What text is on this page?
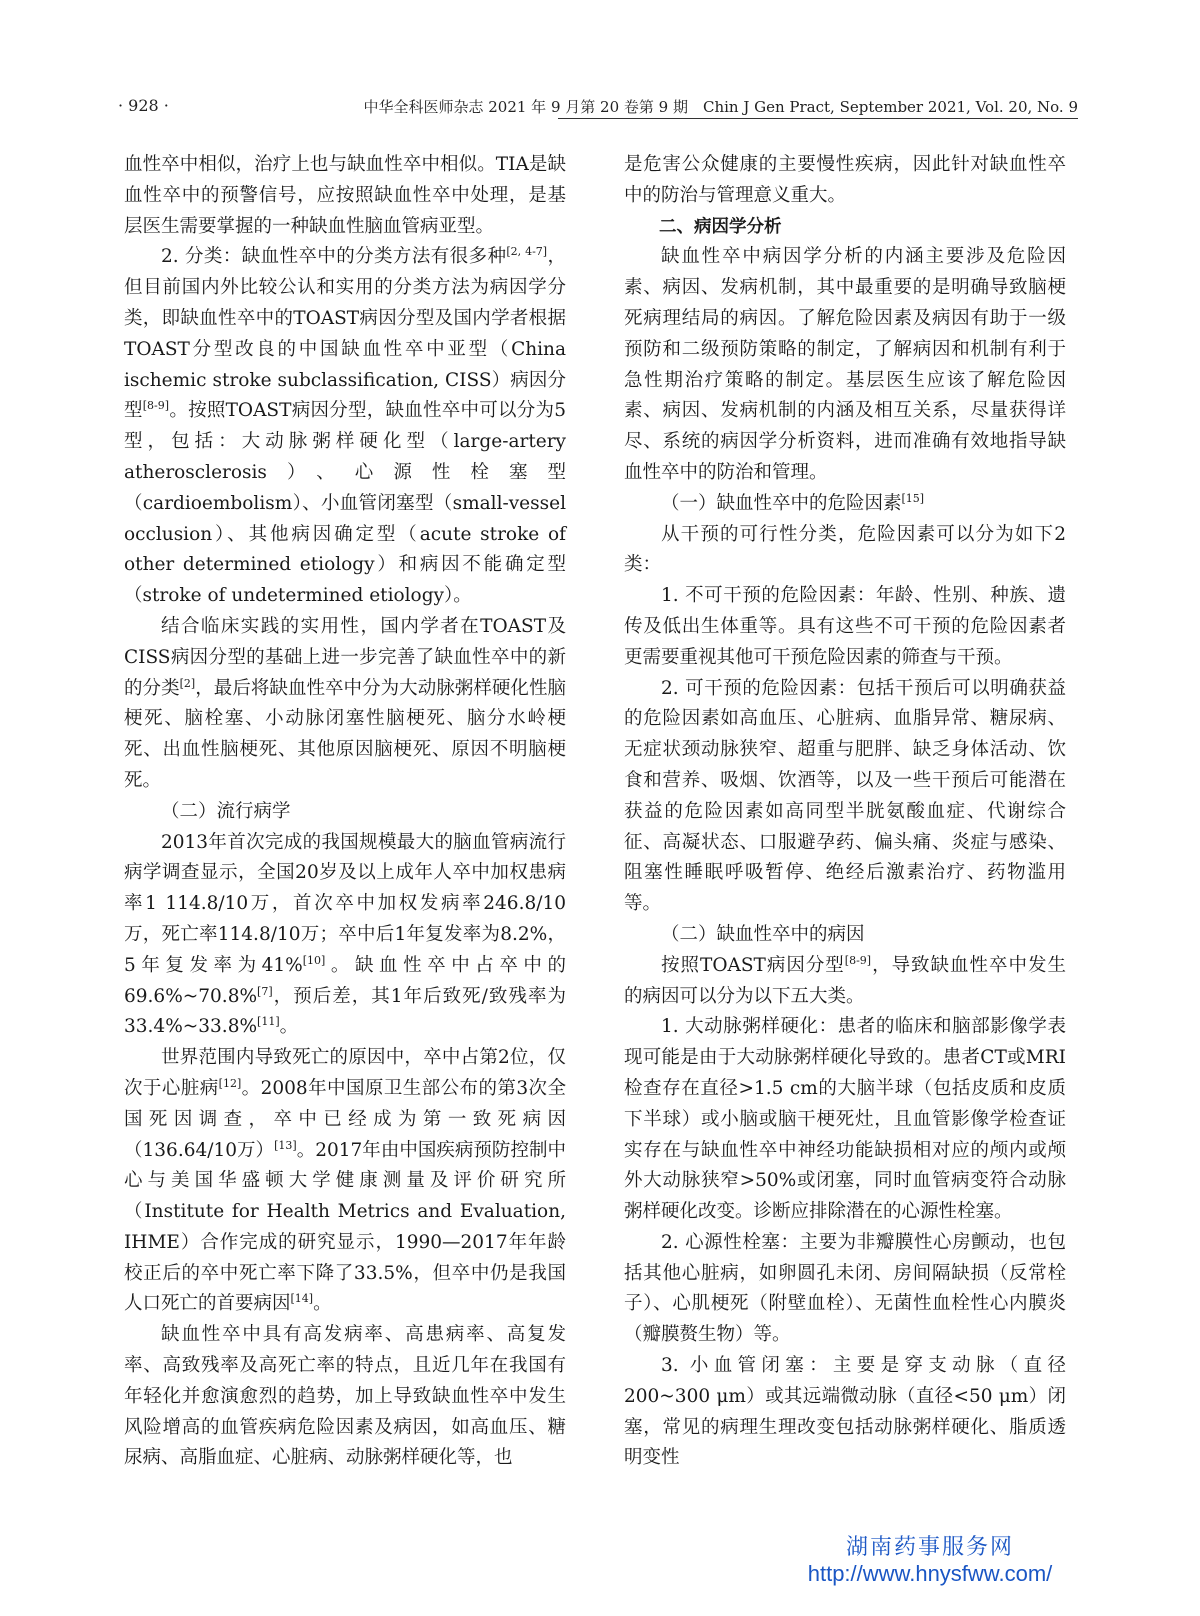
· 928 ·	中华全科医师杂志 2021 年 9 月第 20 卷第 9 期　Chin J Gen Pract, September 2021, Vol. 20, No. 9

血性卒中相似，治疗上也与缺血性卒中相似。TIA是缺血性卒中的预警信号，应按照缺血性卒中处理，是基层医生需要掌握的一种缺血性脑血管病亚型。

2. 分类：缺血性卒中的分类方法有很多种[2, 4-7]，但目前国内外比较公认和实用的分类方法为病因学分类，即缺血性卒中的TOAST病因分型及国内学者根据TOAST分型改良的中国缺血性卒中亚型（China ischemic stroke subclassification, CISS）病因分型[8-9]。按照TOAST病因分型，缺血性卒中可以分为5型，包括：大动脉粥样硬化型（large-artery atherosclerosis）、心源性栓塞型（cardioembolism）、小血管闭塞型（small-vessel occlusion）、其他病因确定型（acute stroke of other determined etiology）和病因不能确定型（stroke of undetermined etiology）。

结合临床实践的实用性，国内学者在TOAST及CISS病因分型的基础上进一步完善了缺血性卒中的新的分类[2]，最后将缺血性卒中分为大动脉粥样硬化性脑梗死、脑栓塞、小动脉闭塞性脑梗死、脑分水岭梗死、出血性脑梗死、其他原因脑梗死、原因不明脑梗死。

（二）流行病学

2013年首次完成的我国规模最大的脑血管病流行病学调查显示，全国20岁及以上成年人卒中加权患病率1 114.8/10万，首次卒中加权发病率246.8/10万，死亡率114.8/10万；卒中后1年复发率为8.2%，5年复发率为41%[10]。缺血性卒中占卒中的69.6%~70.8%[7]，预后差，其1年后致死/致残率为33.4%~33.8%[11]。

世界范围内导致死亡的原因中，卒中占第2位，仅次于心脏病[12]。2008年中国原卫生部公布的第3次全国死因调查，卒中已经成为第一致死病因（136.64/10万）[13]。2017年由中国疾病预防控制中心与美国华盛顿大学健康测量及评价研究所（Institute for Health Metrics and Evaluation, IHME）合作完成的研究显示，1990—2017年年龄校正后的卒中死亡率下降了33.5%，但卒中仍是我国人口死亡的首要病因[14]。

缺血性卒中具有高发病率、高患病率、高复发率、高致残率及高死亡率的特点，且近几年在我国有年轻化并愈演愈烈的趋势，加上导致缺血性卒中发生风险增高的血管疾病危险因素及病因，如高血压、糖尿病、高脂血症、心脏病、动脉粥样硬化等，也

是危害公众健康的主要慢性疾病，因此针对缺血性卒中的防治与管理意义重大。

二、病因学分析

缺血性卒中病因学分析的内涵主要涉及危险因素、病因、发病机制，其中最重要的是明确导致脑梗死病理结局的病因。了解危险因素及病因有助于一级预防和二级预防策略的制定，了解病因和机制有利于急性期治疗策略的制定。基层医生应该了解危险因素、病因、发病机制的内涵及相互关系，尽量获得详尽、系统的病因学分析资料，进而准确有效地指导缺血性卒中的防治和管理。

（一）缺血性卒中的危险因素[15]

从干预的可行性分类，危险因素可以分为如下2类：

1. 不可干预的危险因素：年龄、性别、种族、遗传及低出生体重等。具有这些不可干预的危险因素者更需要重视其他可干预危险因素的筛查与干预。

2. 可干预的危险因素：包括干预后可以明确获益的危险因素如高血压、心脏病、血脂异常、糖尿病、无症状颈动脉狭窄、超重与肥胖、缺乏身体活动、饮食和营养、吸烟、饮酒等，以及一些干预后可能潜在获益的危险因素如高同型半胱氨酸血症、代谢综合征、高凝状态、口服避孕药、偏头痛、炎症与感染、阻塞性睡眠呼吸暂停、绝经后激素治疗、药物滥用等。

（二）缺血性卒中的病因

按照TOAST病因分型[8-9]，导致缺血性卒中发生的病因可以分为以下五大类。

1. 大动脉粥样硬化：患者的临床和脑部影像学表现可能是由于大动脉粥样硬化导致的。患者CT或MRI检查存在直径>1.5 cm的大脑半球（包括皮质和皮质下半球）或小脑或脑干梗死灶，且血管影像学检查证实存在与缺血性卒中神经功能缺损相对应的颅内或颅外大动脉狭窄>50%或闭塞，同时血管病变符合动脉粥样硬化改变。诊断应排除潜在的心源性栓塞。

2. 心源性栓塞：主要为非瓣膜性心房颤动，也包括其他心脏病，如卵圆孔未闭、房间隔缺损（反常栓子）、心肌梗死（附壁血栓）、无菌性血栓性心内膜炎（瓣膜赘生物）等。

3. 小血管闭塞：主要是穿支动脉（直径200~300 μm）或其远端微动脉（直径<50 μm）闭塞，常见的病理生理改变包括动脉粥样硬化、脂质透明变性

湖南药事服务网
http://www.hnysfww.com/
